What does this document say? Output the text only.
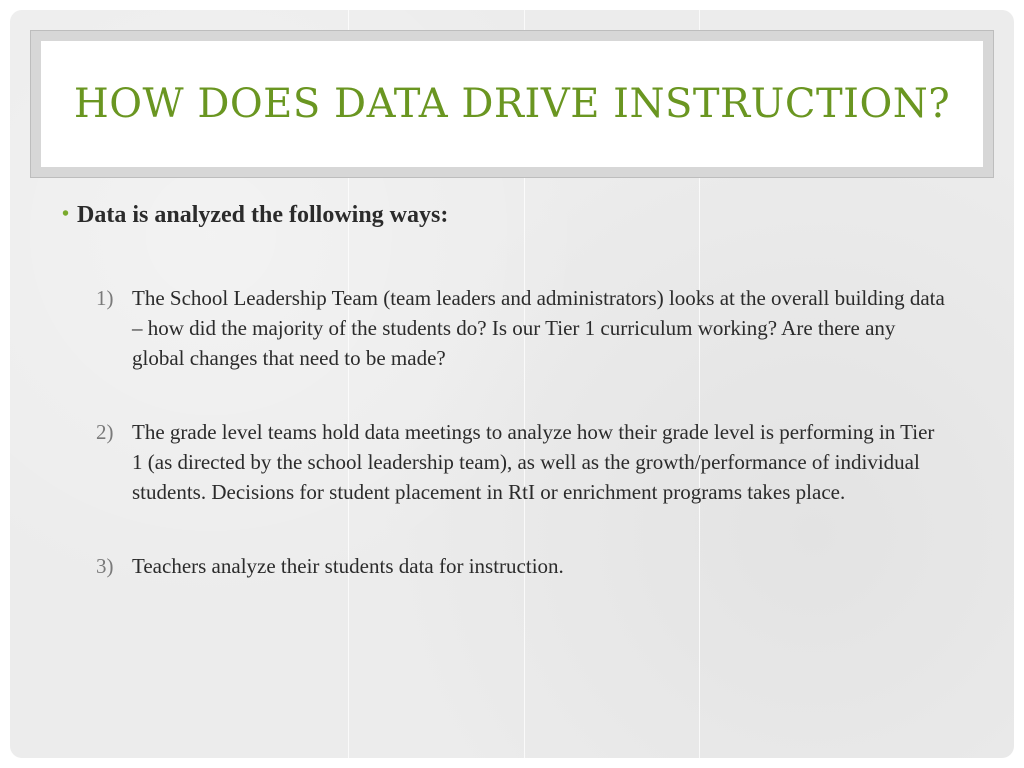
HOW DOES DATA DRIVE INSTRUCTION?
• Data is analyzed the following ways:
1) The School Leadership Team (team leaders and administrators) looks at the overall building data – how did the majority of the students do? Is our Tier 1 curriculum working? Are there any global changes that need to be made?
2) The grade level teams hold data meetings to analyze how their grade level is performing in Tier 1 (as directed by the school leadership team), as well as the growth/performance of individual students. Decisions for student placement in RtI or enrichment programs takes place.
3) Teachers analyze their students data for instruction.
